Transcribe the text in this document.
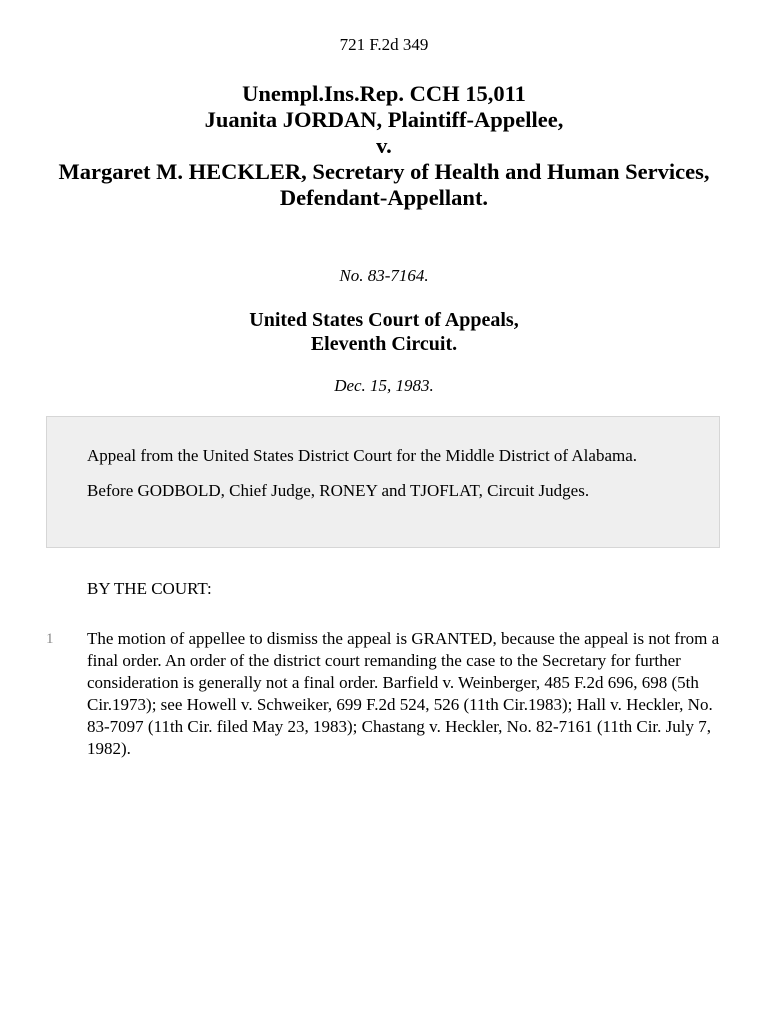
721 F.2d 349
Unempl.Ins.Rep. CCH 15,011
Juanita JORDAN, Plaintiff-Appellee,
v.
Margaret M. HECKLER, Secretary of Health and Human Services,
Defendant-Appellant.
No. 83-7164.
United States Court of Appeals,
Eleventh Circuit.
Dec. 15, 1983.

Appeal from the United States District Court for the Middle District of Alabama.

Before GODBOLD, Chief Judge, RONEY and TJOFLAT, Circuit Judges.

BY THE COURT:
1 The motion of appellee to dismiss the appeal is GRANTED, because the appeal is not from a final order. An order of the district court remanding the case to the Secretary for further consideration is generally not a final order. Barfield v. Weinberger, 485 F.2d 696, 698 (5th Cir.1973); see Howell v. Schweiker, 699 F.2d 524, 526 (11th Cir.1983); Hall v. Heckler, No. 83-7097 (11th Cir. filed May 23, 1983); Chastang v. Heckler, No. 82-7161 (11th Cir. July 7, 1982).
